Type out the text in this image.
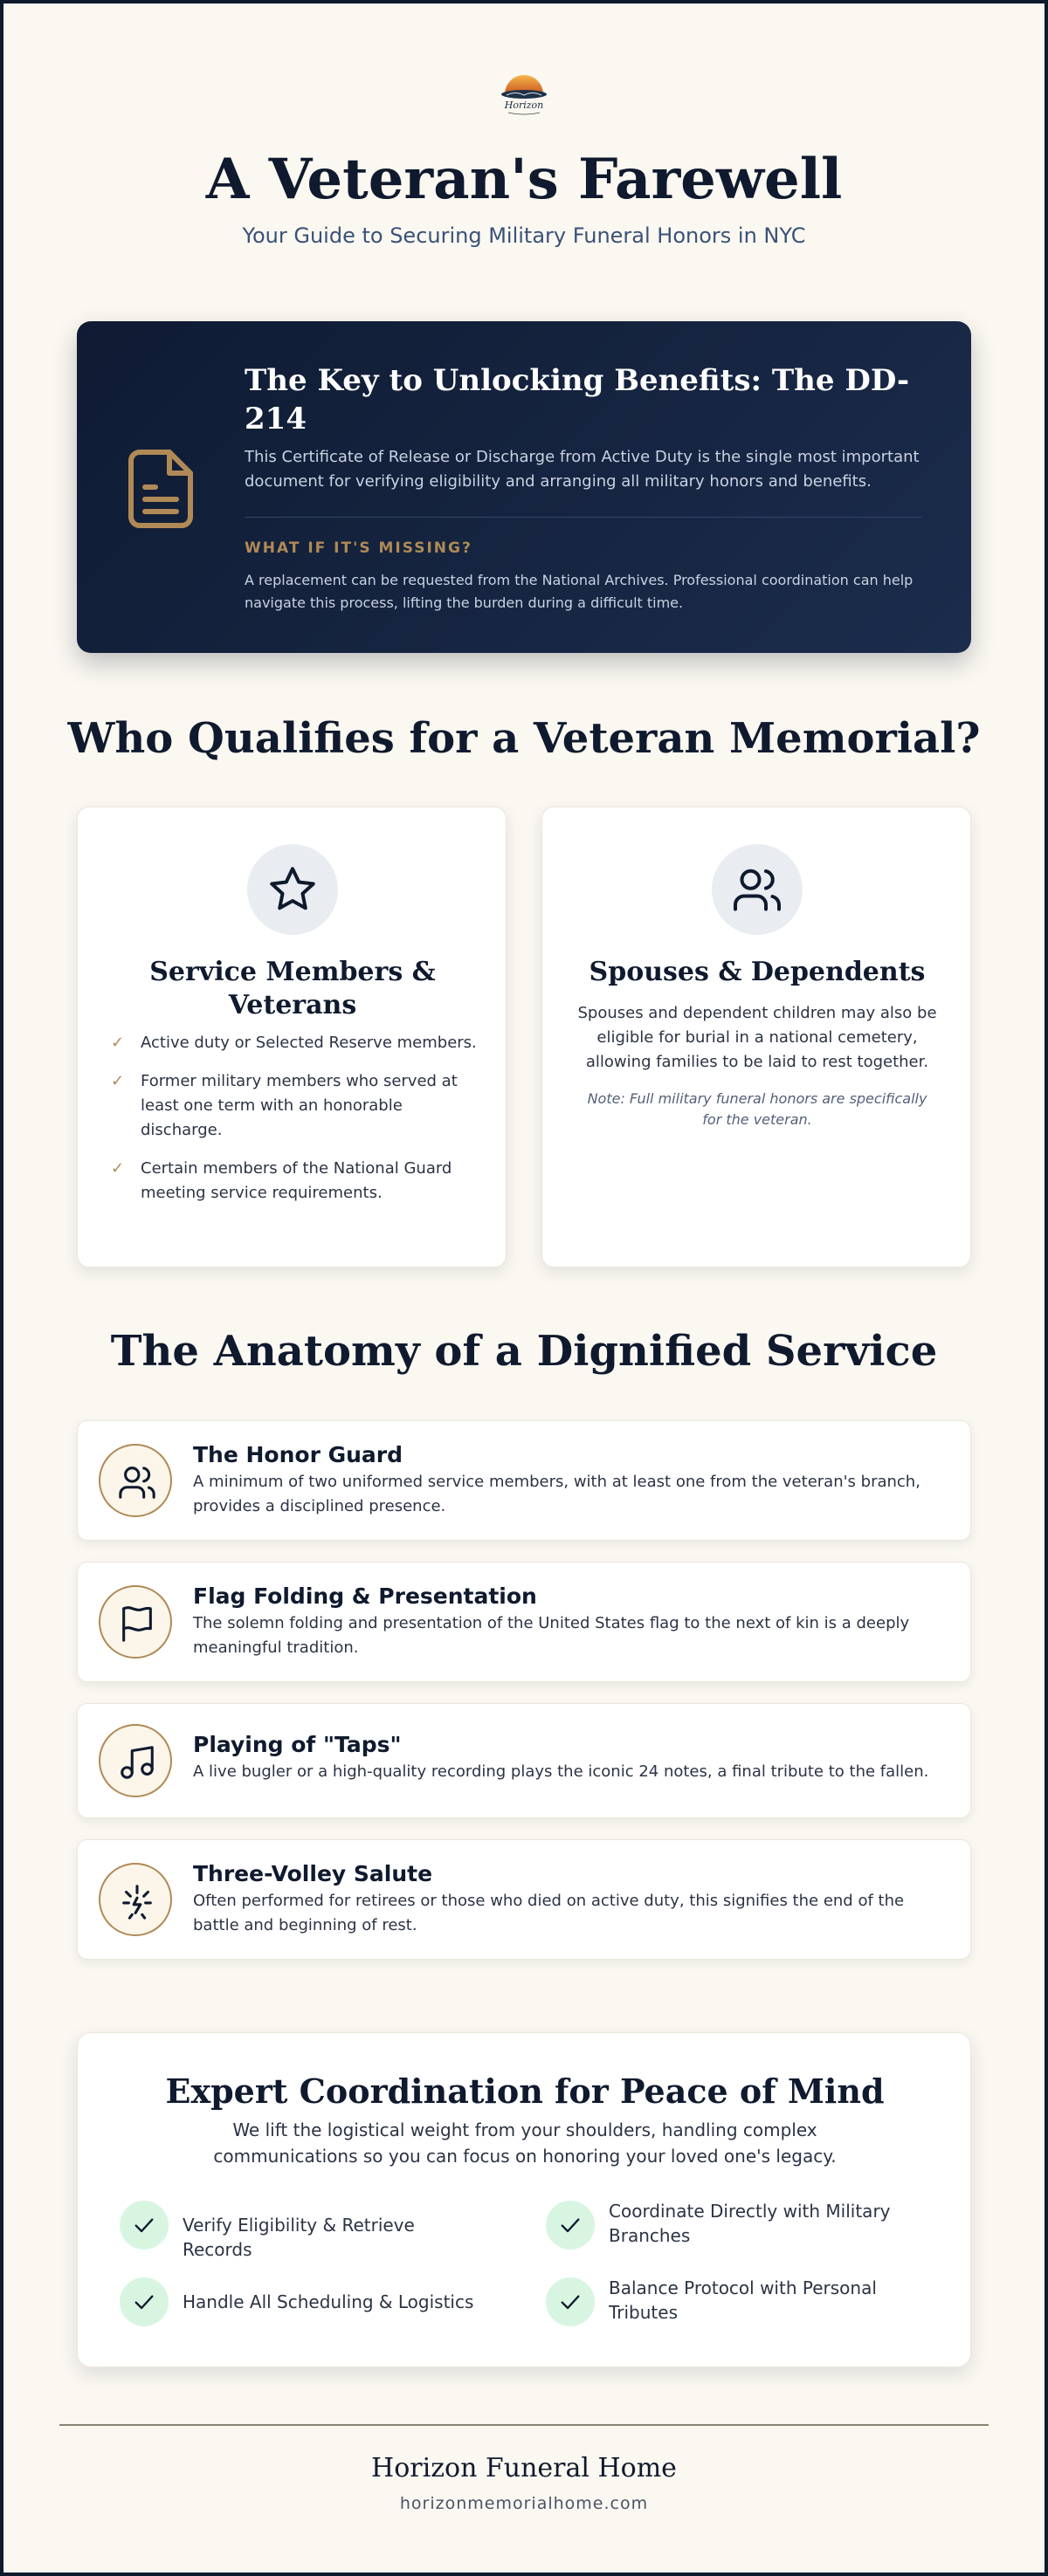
Horizon
A Veteran's Farewell
Your Guide to Securing Military Funeral Honors in NYC
The Key to Unlocking Benefits: The DD-214
This Certificate of Release or Discharge from Active Duty is the single most important document for verifying eligibility and arranging all military honors and benefits.
WHAT IF IT'S MISSING?
A replacement can be requested from the National Archives. Professional coordination can help navigate this process, lifting the burden during a difficult time.
Who Qualifies for a Veteran Memorial?
Service Members & Veterans
✓ Active duty or Selected Reserve members.
✓ Former military members who served at least one term with an honorable discharge.
✓ Certain members of the National Guard meeting service requirements.
Spouses & Dependents
Spouses and dependent children may also be eligible for burial in a national cemetery, allowing families to be laid to rest together.
Note: Full military funeral honors are specifically for the veteran.
The Anatomy of a Dignified Service
The Honor Guard
A minimum of two uniformed service members, with at least one from the veteran's branch, provides a disciplined presence.
Flag Folding & Presentation
The solemn folding and presentation of the United States flag to the next of kin is a deeply meaningful tradition.
Playing of "Taps"
A live bugler or a high-quality recording plays the iconic 24 notes, a final tribute to the fallen.
Three-Volley Salute
Often performed for retirees or those who died on active duty, this signifies the end of the battle and beginning of rest.
Expert Coordination for Peace of Mind
We lift the logistical weight from your shoulders, handling complex communications so you can focus on honoring your loved one's legacy.
Verify Eligibility & Retrieve Records
Coordinate Directly with Military Branches
Handle All Scheduling & Logistics
Balance Protocol with Personal Tributes
Horizon Funeral Home
horizonmemorialhome.com
